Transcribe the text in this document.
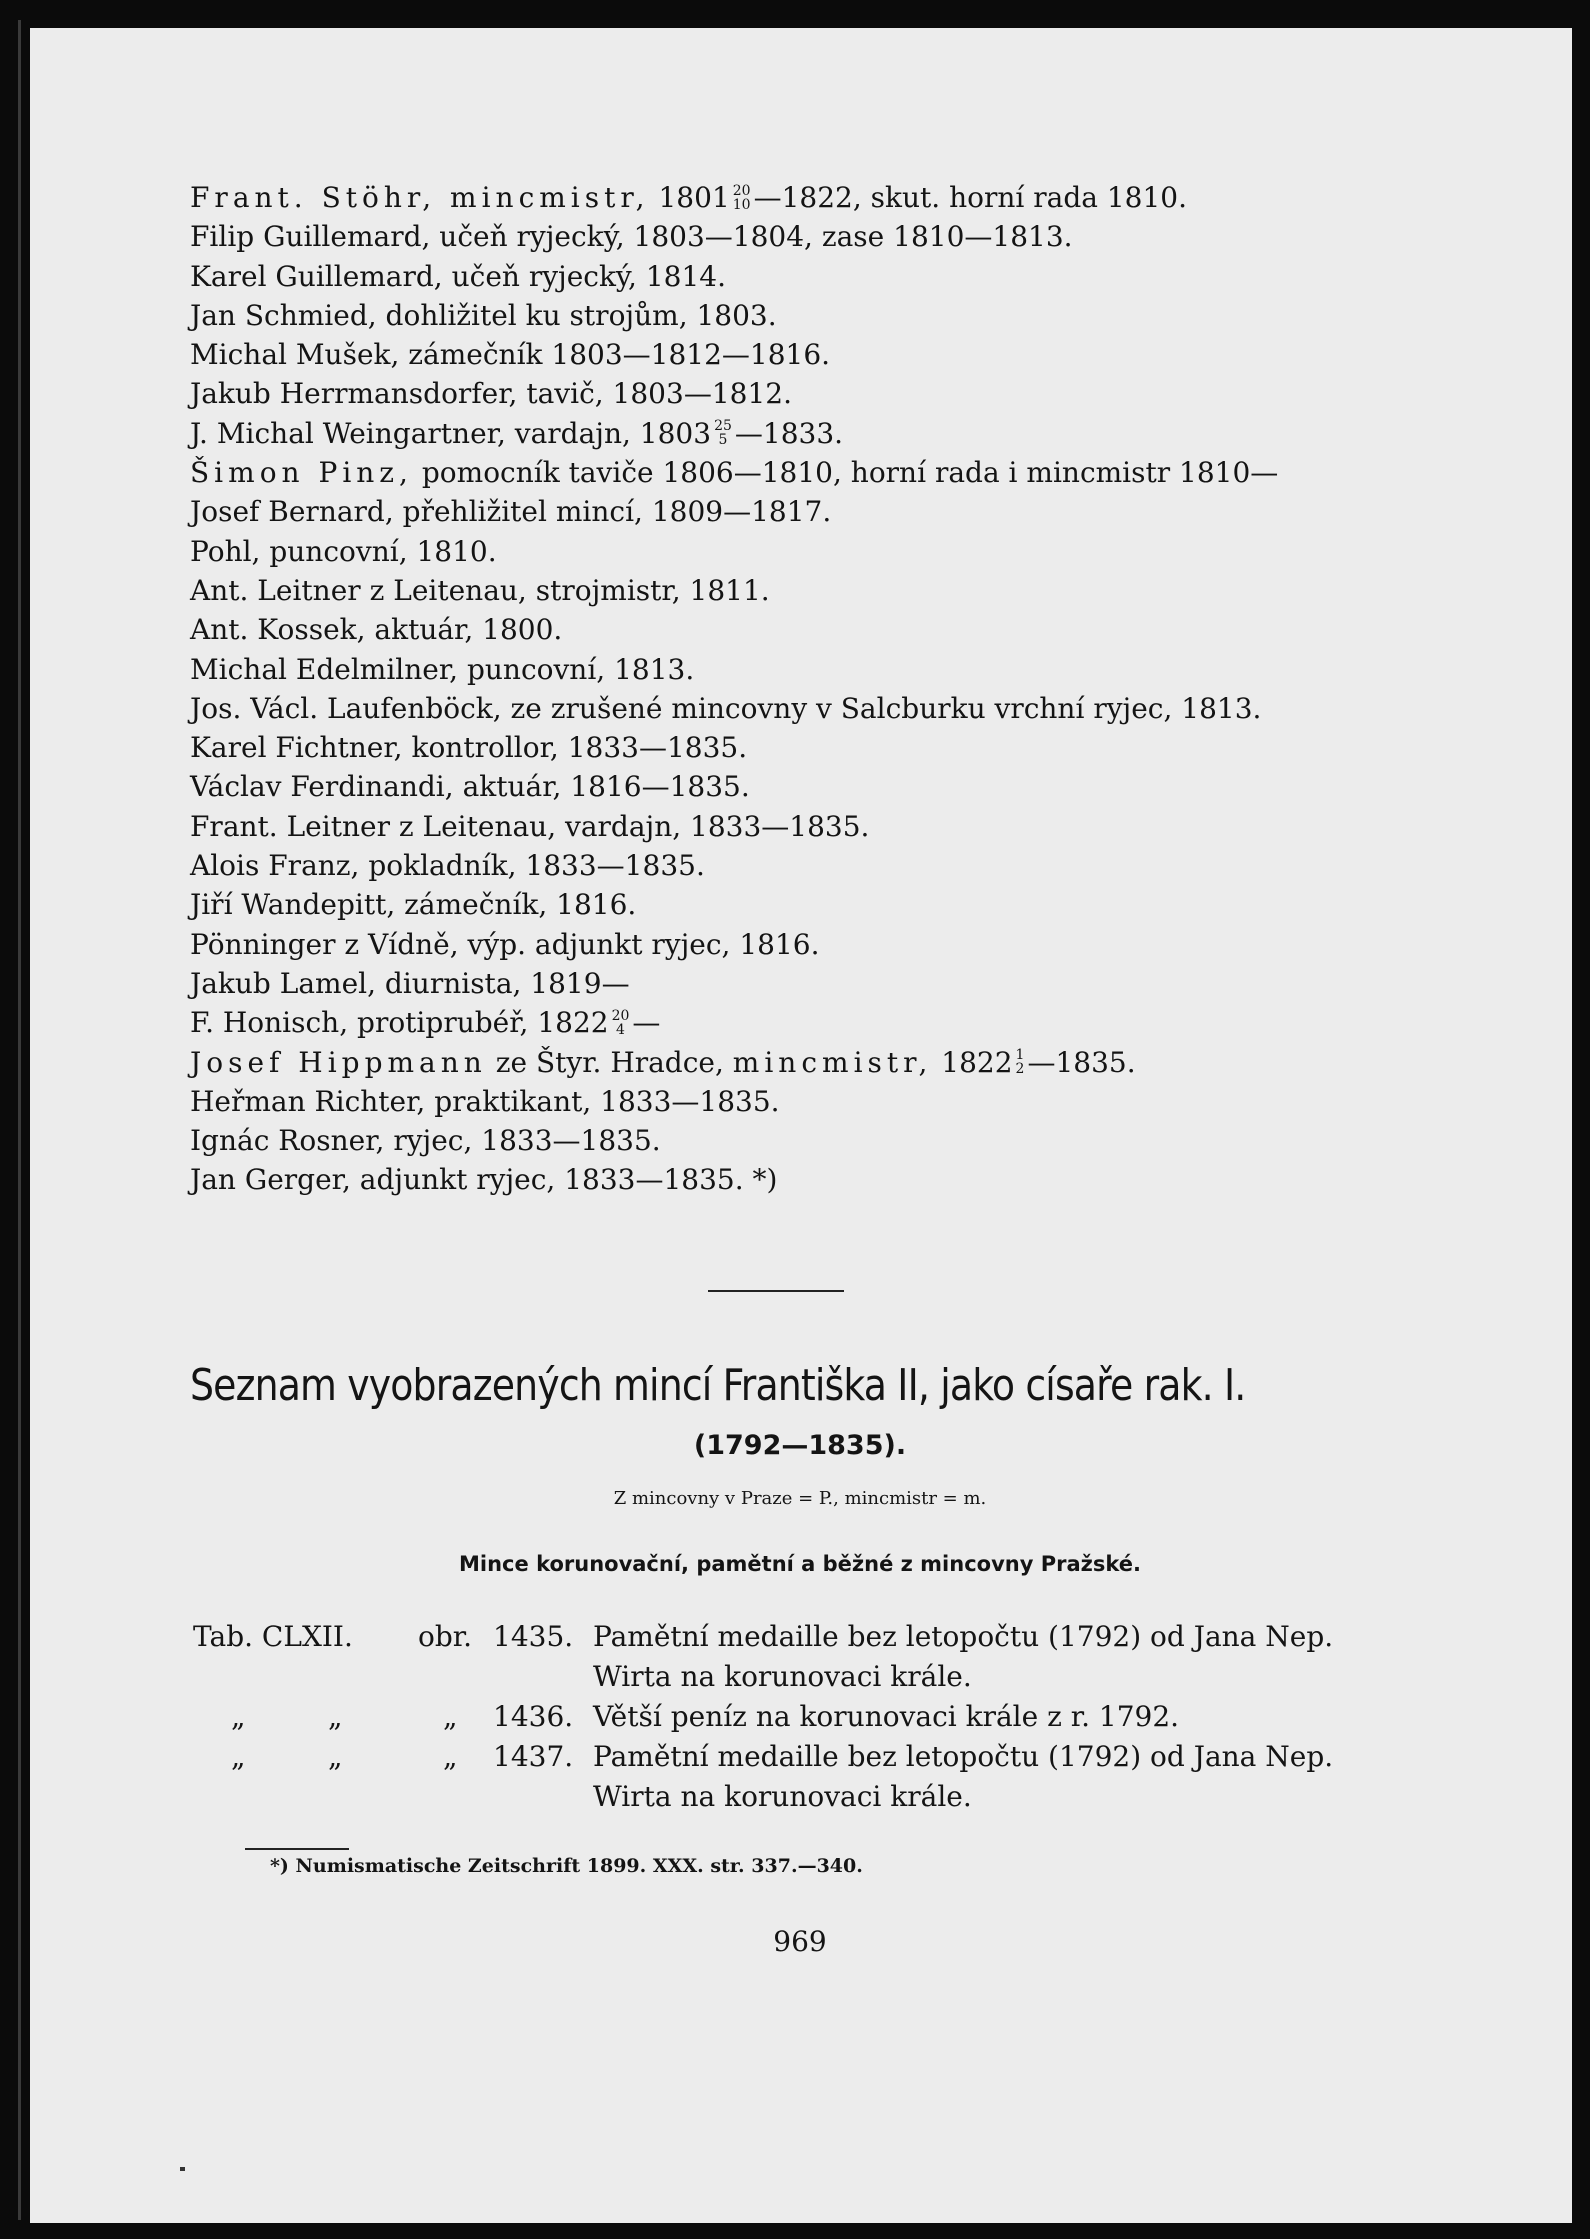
Frant. Stöhr, mincmistr, 1801 20
10 —1822, skut. horní rada 1810.
Filip Guillemard, učeň ryjecký, 1803—1804, zase 1810—1813.
Karel Guillemard, učeň ryjecký, 1814.
Jan Schmied, dohližitel ku strojům, 1803.
Michal Mušek, zámečník 1803—1812—1816.
Jakub Herrmansdorfer, tavič, 1803—1812.
J. Michal Weingartner, vardajn, 1803 25
5 —1833.
Šimon Pinz, pomocník taviče 1806—1810, horní rada i mincmistr 1810—
Josef Bernard, přehližitel mincí, 1809—1817.
Pohl, puncovní, 1810.
Ant. Leitner z Leitenau, strojmistr, 1811.
Ant. Kossek, aktuár, 1800.
Michal Edelmilner, puncovní, 1813.
Jos. Václ. Laufenböck, ze zrušené mincovny v Salcburku vrchní ryjec, 1813.
Karel Fichtner, kontrollor, 1833—1835.
Václav Ferdinandi, aktuár, 1816—1835.
Frant. Leitner z Leitenau, vardajn, 1833—1835.
Alois Franz, pokladník, 1833—1835.
Jiří Wandepitt, zámečník, 1816.
Pönninger z Vídně, výp. adjunkt ryjec, 1816.
Jakub Lamel, diurnista, 1819—
F. Honisch, protiprubéř, 1822 20
4 —
Josef Hippmann ze Štyr. Hradce, mincmistr, 1822 1
2 —1835.
Heřman Richter, praktikant, 1833—1835.
Ignác Rosner, ryjec, 1833—1835.
Jan Gerger, adjunkt ryjec, 1833—1835. *)
Seznam vyobrazených mincí Františka II, jako císaře rak. I.
(1792—1835).
Z mincovny v Praze = P., mincmistr = m.
Mince korunovační, pamětní a běžné z mincovny Pražské.
Tab. CLXII. obr. 1435. Pamětní medaille bez letopočtu (1792) od Jana Nep.
Wirta na korunovaci krále.
„	„	„ 1436. Větší peníz na korunovaci krále z r. 1792.
„	„	„ 1437. Pamětní medaille bez letopočtu (1792) od Jana Nep.
Wirta na korunovaci krále.
*) Numismatische Zeitschrift 1899. XXX. str. 337.—340.
969
